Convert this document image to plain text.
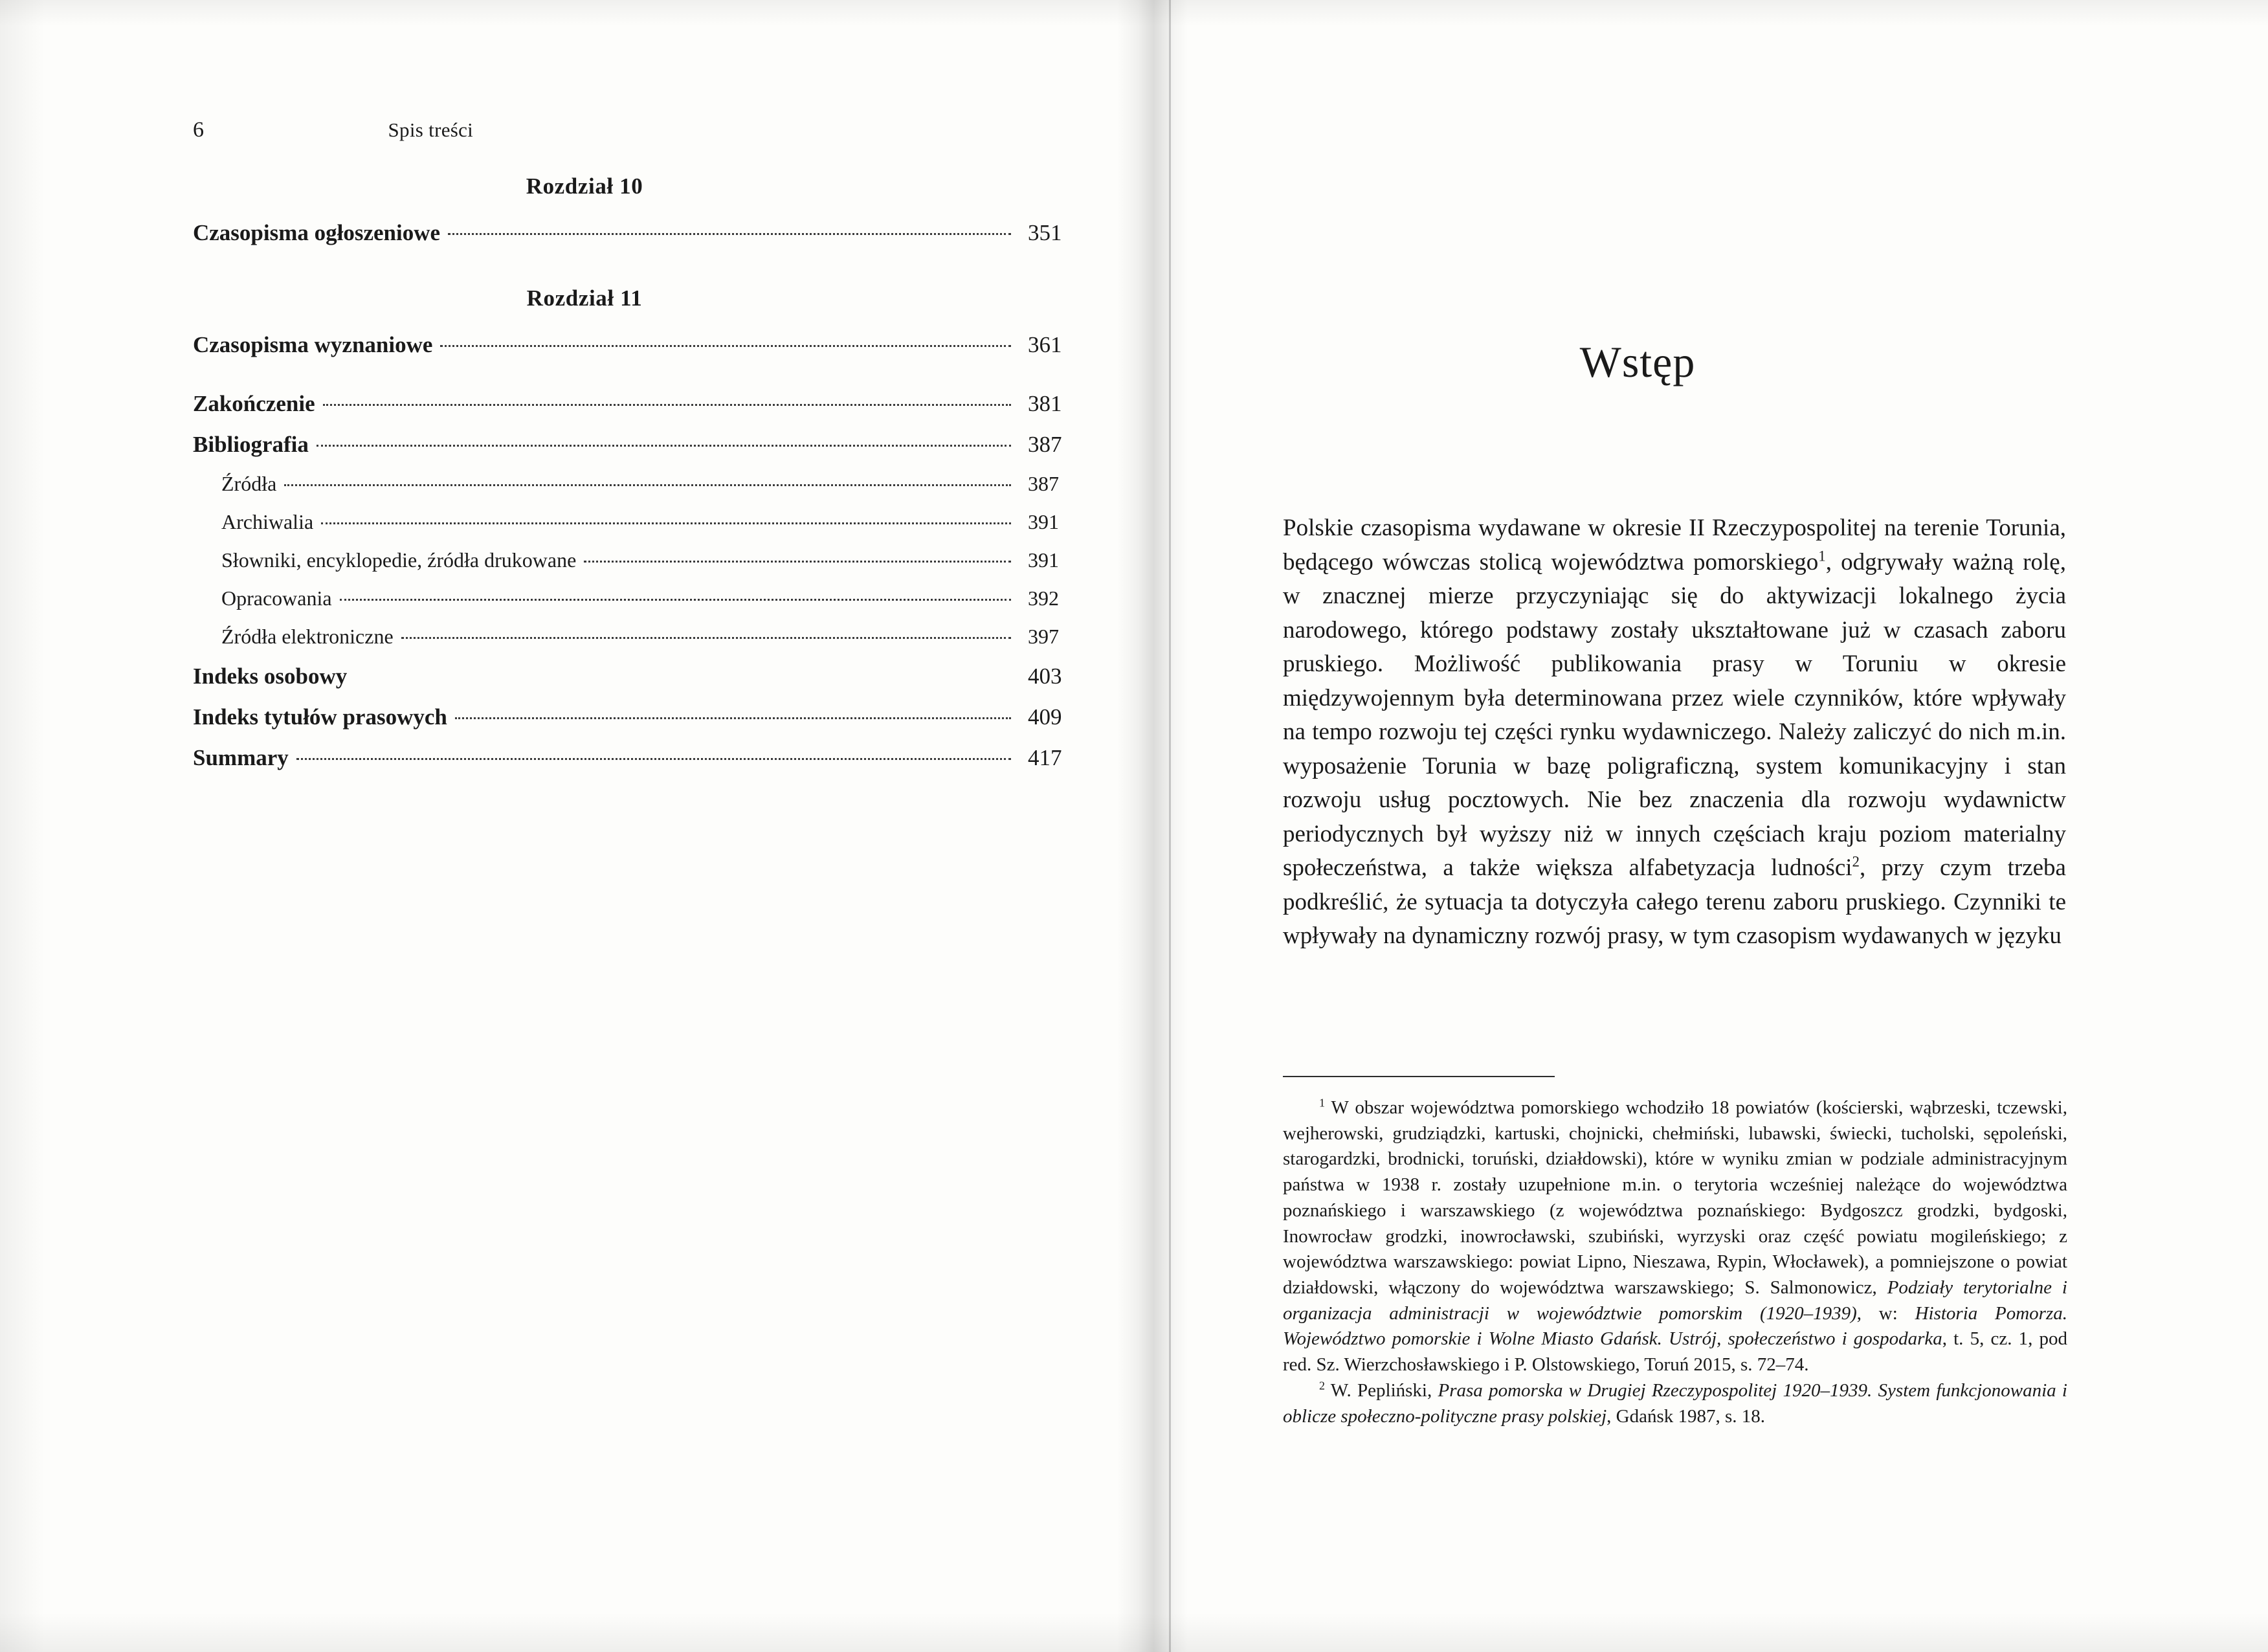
6	Spis treści
Rozdział 10
Czasopisma ogłoszeniowe	351
Rozdział 11
Czasopisma wyznaniowe	361
Zakończenie	381
Bibliografia	387
Źródła	387
Archiwalia	391
Słowniki, encyklopedie, źródła drukowane	391
Opracowania	392
Źródła elektroniczne	397
Indeks osobowy	403
Indeks tytułów prasowych	409
Summary	417
Wstęp

Polskie czasopisma wydawane w okresie II Rzeczypospolitej na terenie Torunia, będącego wówczas stolicą województwa pomorskiego$^1$, odgrywały ważną rolę, w znacznej mierze przyczyniając się do aktywizacji lokalnego życia narodowego, którego podstawy zostały ukształtowane już w czasach zaboru pruskiego. Możliwość publikowania prasy w Toruniu w okresie międzywojennym była determinowana przez wiele czynników, które wpływały na tempo rozwoju tej części rynku wydawniczego. Należy zaliczyć do nich m.in. wyposażenie Torunia w bazę poligraficzną, system komunikacyjny i stan rozwoju usług pocztowych. Nie bez znaczenia dla rozwoju wydawnictw periodycznych był wyższy niż w innych częściach kraju poziom materialny społeczeństwa, a także większa alfabetyzacja ludności$^2$, przy czym trzeba podkreślić, że sytuacja ta dotyczyła całego terenu zaboru pruskiego. Czynniki te wpływały na dynamiczny rozwój prasy, w tym czasopism wydawanych w języku

$^1$ W obszar województwa pomorskiego wchodziło 18 powiatów (kościerski, wąbrzeski, tczewski, wejherowski, grudziądzki, kartuski, chojnicki, chełmiński, lubawski, świecki, tucholski, sępoleński, starogardzki, brodnicki, toruński, działdowski), które w wyniku zmian w podziale administracyjnym państwa w 1938 r. zostały uzupełnione m.in. o terytoria wcześniej należące do województwa poznańskiego i warszawskiego (z województwa poznańskiego: Bydgoszcz grodzki, bydgoski, Inowrocław grodzki, inowrocławski, szubiński, wyrzyski oraz część powiatu mogileńskiego; z województwa warszawskiego: powiat Lipno, Nieszawa, Rypin, Włocławek), a pomniejszone o powiat działdowski, włączony do województwa warszawskiego; S. Salmonowicz, Podziały terytorialne i organizacja administracji w województwie pomorskim (1920–1939), w: Historia Pomorza. Województwo pomorskie i Wolne Miasto Gdańsk. Ustrój, społeczeństwo i gospodarka, t. 5, cz. 1, pod red. Sz. Wierzchosławskiego i P. Olstowskiego, Toruń 2015, s. 72–74.

$^2$ W. Pepliński, Prasa pomorska w Drugiej Rzeczypospolitej 1920–1939. System funkcjonowania i oblicze społeczno-polityczne prasy polskiej, Gdańsk 1987, s. 18.
